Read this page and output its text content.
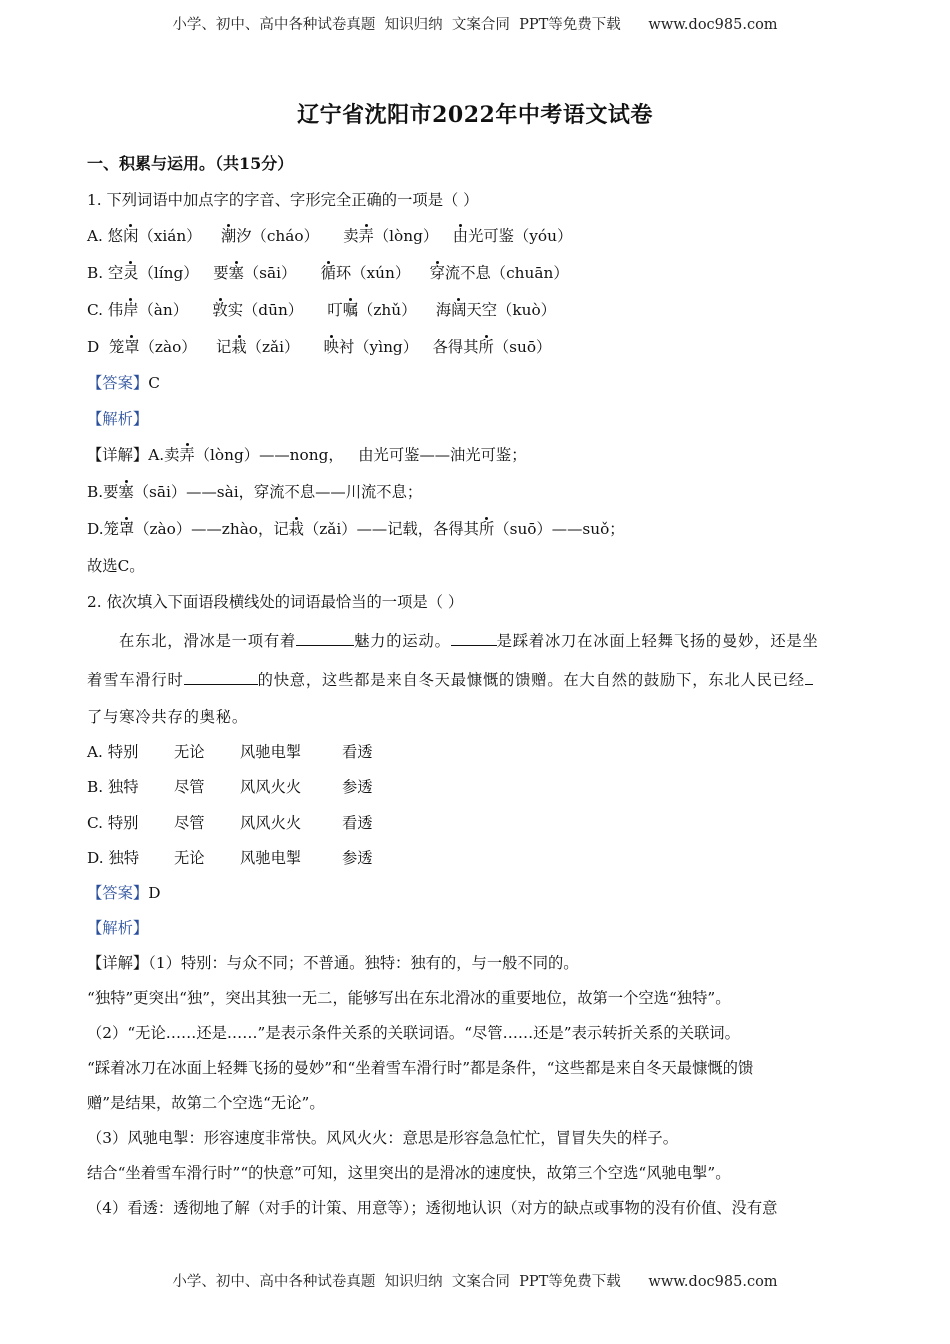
小学、初中、高中各种试卷真题  知识归纳  文案合同  PPT等免费下载      www.doc985.com
辽宁省沈阳市2022年中考语文试卷

一、积累与运用。（共15分）

1. 下列词语中加点字的字音、字形完全正确的一项是（ ）

A. 悠闲（xián）    潮汐（cháo）     卖弄（lòng）   由光可鉴（yóu）

B. 空灵（líng）   要塞（sāi）     循环（xún）    穿流不息（chuān）

C. 伟岸（àn）     敦实（dūn）     叮嘱（zhǔ）    海阔天空（kuò）

D  笼罩（zào）    记栽（zǎi）     映衬（yìng）   各得其所（suō）

【答案】C

【解析】

【详解】A.卖弄（lòng）——nong，   由光可鉴——油光可鉴；

B.要塞（sāi）——sài，穿流不息——川流不息；

D.笼罩（zào）——zhào，记栽（zǎi）——记载，各得其所（suō）——suǒ；

故选C。

2. 依次填入下面语段横线处的词语最恰当的一项是（ ）

在东北，滑冰是一项有着	魅力的运动。	是踩着冰刀在冰面上轻舞飞扬的曼妙，还是坐

着雪车滑行时	的快意，这些都是来自冬天最慷慨的馈赠。在大自然的鼓励下，东北人民已经

了与寒冷共存的奥秘。

A. 特别 无论 风驰电掣	看透

B. 独特 尽管 风风火火	参透

C. 特别 尽管 风风火火	看透

D. 独特 无论 风驰电掣	参透

【答案】D

【解析】

【详解】（1）特别：与众不同；不普通。独特：独有的，与一般不同的。

“独特”更突出“独”，突出其独一无二，能够写出在东北滑冰的重要地位，故第一个空选“独特”。

（2）“无论……还是……”是表示条件关系的关联词语。“尽管……还是”表示转折关系的关联词。

“踩着冰刀在冰面上轻舞飞扬的曼妙”和“坐着雪车滑行时”都是条件，“这些都是来自冬天最慷慨的馈

赠”是结果，故第二个空选“无论”。

（3）风驰电掣：形容速度非常快。风风火火：意思是形容急急忙忙，冒冒失失的样子。

结合“坐着雪车滑行时”“的快意”可知，这里突出的是滑冰的速度快，故第三个空选“风驰电掣”。

（4）看透：透彻地了解（对手的计策、用意等）；透彻地认识（对方的缺点或事物的没有价值、没有意

小学、初中、高中各种试卷真题  知识归纳  文案合同  PPT等免费下载      www.doc985.com
